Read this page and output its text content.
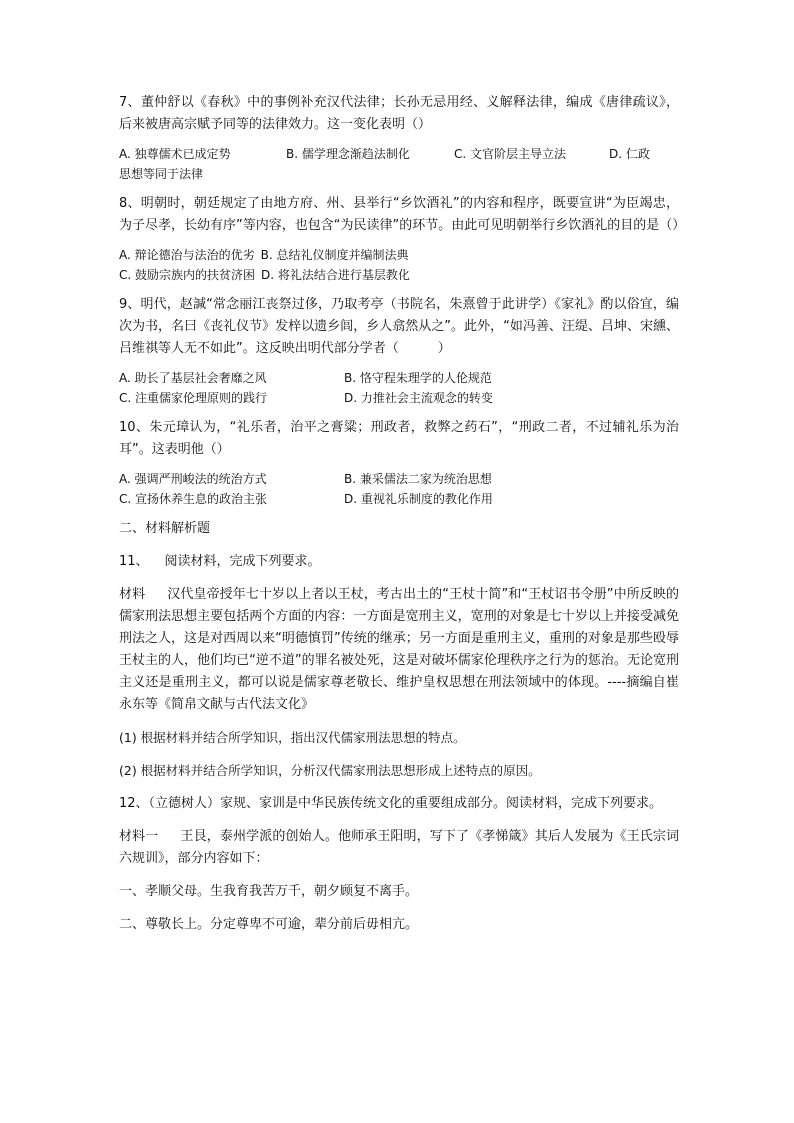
7、董仲舒以《春秋》中的事例补充汉代法律；长孙无忌用经、义解释法律，编成《唐律疏议》，后来被唐高宗赋予同等的法律效力。这一变化表明（）

A. 独尊儒术已成定势	B. 儒学理念渐趋法制化	C. 文官阶层主导立法	D. 仁政
思想等同于法律

8、明朝时，朝廷规定了由地方府、州、县举行“乡饮酒礼”的内容和程序，既要宣讲“为臣竭忠，为子尽孝，长幼有序”等内容，也包含“为民读律”的环节。由此可见明朝举行乡饮酒礼的目的是（）

A. 辩论德治与法治的优劣 B. 总结礼仪制度并编制法典
C. 鼓励宗族内的扶贫济困 D. 将礼法结合进行基层教化

9、明代，赵諴“常念丽江丧祭过侈，乃取考亭（书院名，朱熹曾于此讲学）《家礼》酌以俗宜，编次为书，名曰《丧礼仪节》发梓以遗乡闾，乡人翕然从之”。此外，“如冯善、汪缇、吕坤、宋纁、吕维祺等人无不如此”。这反映出明代部分学者（　　　）

A. 助长了基层社会奢靡之风	B. 恪守程朱理学的人伦规范
C. 注重儒家伦理原则的践行	D. 力推社会主流观念的转变

10、朱元璋认为，“礼乐者，治平之膏粱；刑政者，救弊之药石”，“刑政二者，不过辅礼乐为治耳”。这表明他（）

A. 强调严刑峻法的统治方式	B. 兼采儒法二家为统治思想
C. 宣扬休养生息的政治主张	D. 重视礼乐制度的教化作用

二、材料解析题

11、 阅读材料，完成下列要求。

材料 汉代皇帝授年七十岁以上者以王杖，考古出土的“王杖十简”和“王杖诏书令册”中所反映的儒家刑法思想主要包括两个方面的内容：一方面是宽刑主义，宽刑的对象是七十岁以上并接受减免刑法之人，这是对西周以来“明德慎罚”传统的继承；另一方面是重刑主义，重刑的对象是那些殴辱王杖主的人，他们均已“逆不道”的罪名被处死，这是对破坏儒家伦理秩序之行为的惩治。无论宽刑主义还是重刑主义，都可以说是儒家尊老敬长、维护皇权思想在刑法领域中的体现。----摘编自崔永东等《简帛文献与古代法文化》

(1) 根据材料并结合所学知识，指出汉代儒家刑法思想的特点。

(2) 根据材料并结合所学知识，分析汉代儒家刑法思想形成上述特点的原因。

12、（立德树人）家规、家训是中华民族传统文化的重要组成部分。阅读材料，完成下列要求。

材料一 王艮，泰州学派的创始人。他师承王阳明，写下了《孝悌箴》其后人发展为《王氏宗词六规训》，部分内容如下：

一、孝顺父母。生我育我苦万千，朝夕顾复不离手。

二、尊敬长上。分定尊卑不可逾，辈分前后毋相亢。
